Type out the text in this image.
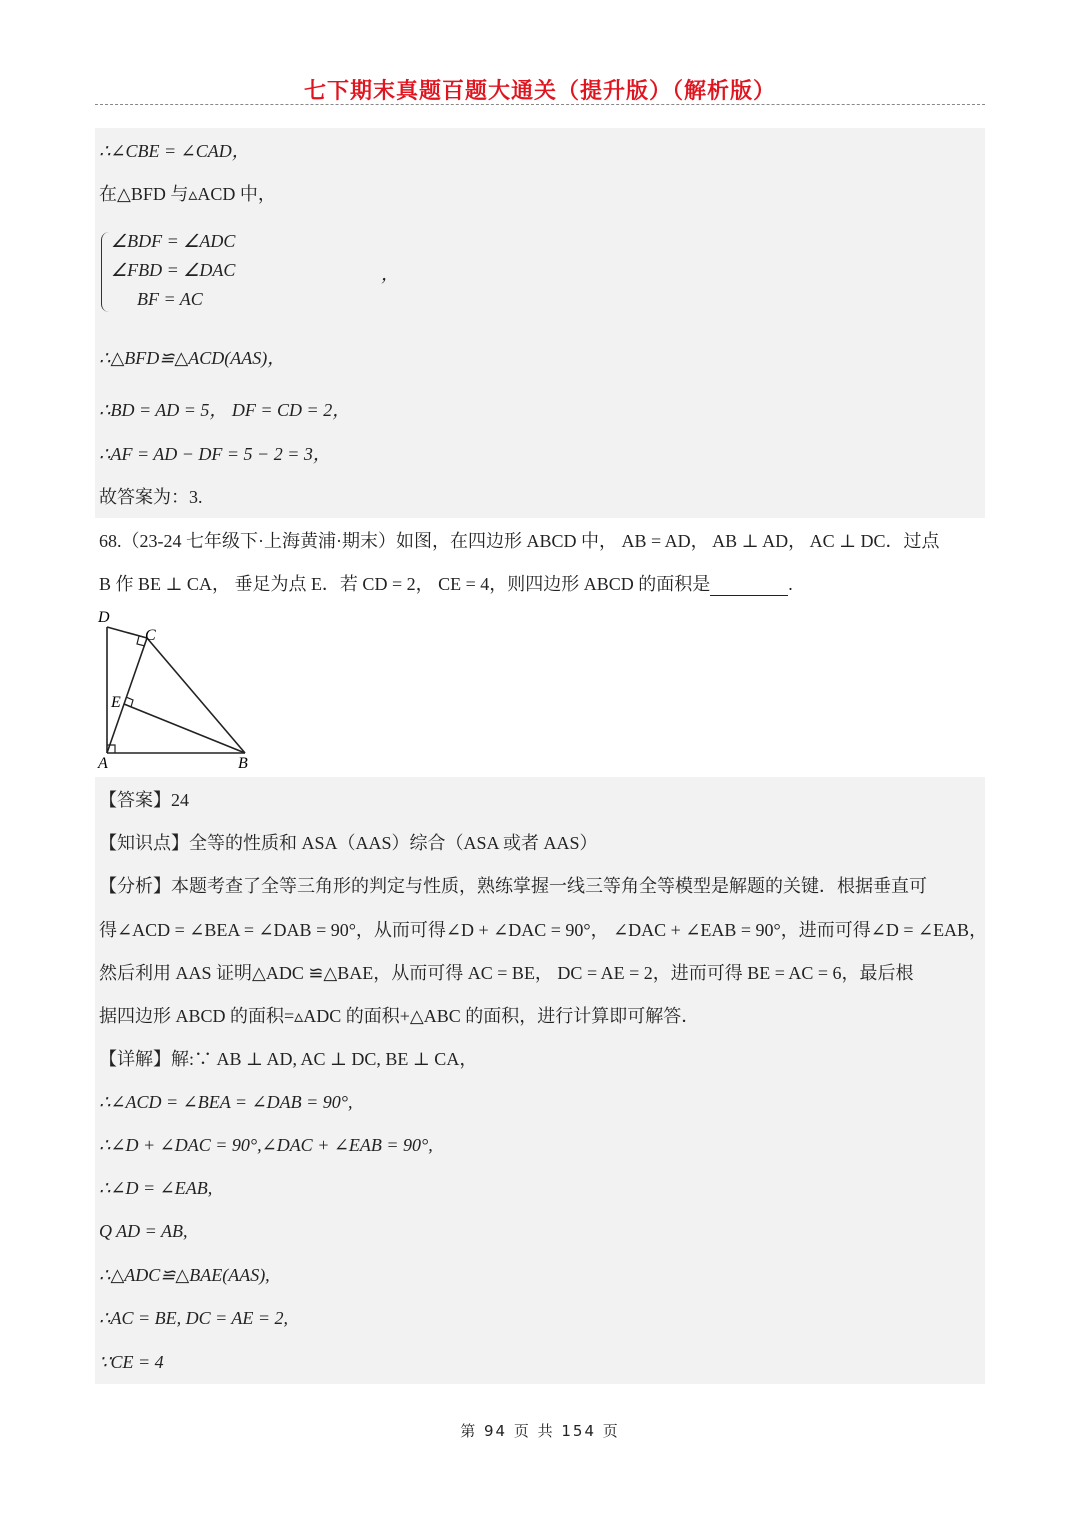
七下期末真题百题大通关（提升版）（解析版）
∴∠CBE = ∠CAD，
在△BFD 与▵ACD 中，
∠BDF = ∠ADC
∠FBD = ∠DAC
BF = AC
，
∴△BFD≌△ACD(AAS)，
∴BD = AD = 5， DF = CD = 2，
∴AF = AD − DF = 5 − 2 = 3，
故答案为：3.
68.（23-24 七年级下·上海黄浦·期末）如图，在四边形 ABCD 中， AB = AD， AB ⊥ AD， AC ⊥ DC．过点
B 作 BE ⊥ CA， 垂足为点 E．若 CD = 2， CE = 4，则四边形 ABCD 的面积是	.
D
C
E
A	B
【答案】24
【知识点】全等的性质和 ASA（AAS）综合（ASA 或者 AAS）
【分析】本题考查了全等三角形的判定与性质，熟练掌握一线三等角全等模型是解题的关键．根据垂直可
得∠ACD = ∠BEA = ∠DAB = 90°，从而可得∠D + ∠DAC = 90°， ∠DAC + ∠EAB = 90°，进而可得∠D = ∠EAB，
然后利用 AAS 证明△ADC ≌△BAE，从而可得 AC = BE， DC = AE = 2，进而可得 BE = AC = 6，最后根
据四边形 ABCD 的面积=▵ADC 的面积+△ABC 的面积，进行计算即可解答．
【详解】解:∵ AB ⊥ AD, AC ⊥ DC, BE ⊥ CA，
∴∠ACD = ∠BEA = ∠DAB = 90°,
∴∠D + ∠DAC = 90°,∠DAC + ∠EAB = 90°,
∴∠D = ∠EAB,
Q AD = AB,
∴△ADC≌△BAE(AAS),
∴AC = BE, DC = AE = 2,
∵CE = 4
第 94 页 共 154 页
